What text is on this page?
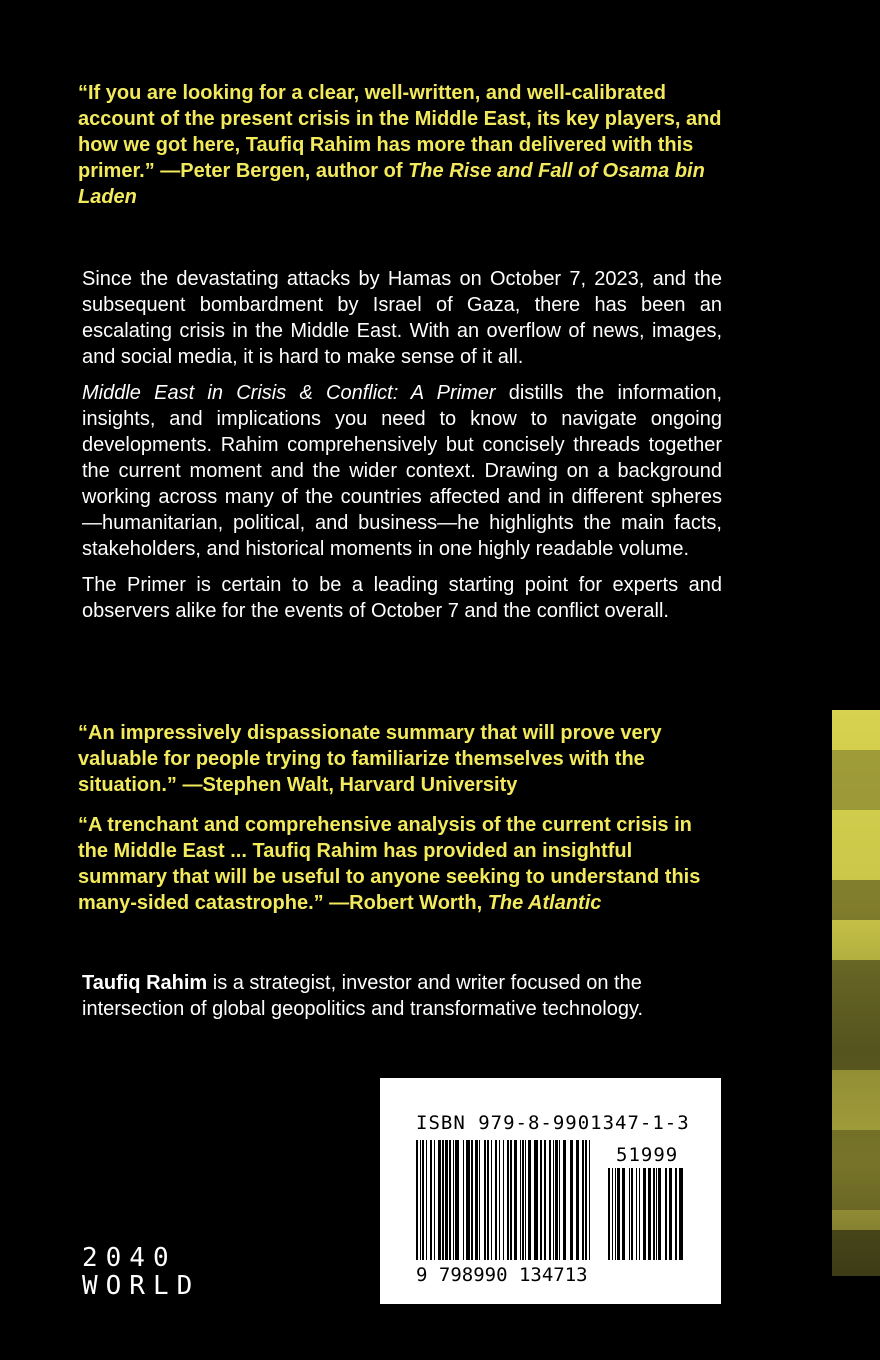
“If you are looking for a clear, well-written, and well-calibrated account of the present crisis in the Middle East, its key players, and how we got here, Taufiq Rahim has more than delivered with this primer.” —Peter Bergen, author of The Rise and Fall of Osama bin Laden

Since the devastating attacks by Hamas on October 7, 2023, and the subsequent bombardment by Israel of Gaza, there has been an escalating crisis in the Middle East. With an overflow of news, images, and social media, it is hard to make sense of it all.

Middle East in Crisis & Conflict: A Primer distills the information, insights, and implications you need to know to navigate ongoing developments. Rahim comprehensively but concisely threads together the current moment and the wider context. Drawing on a background working across many of the countries affected and in different spheres—humanitarian, political, and business—he highlights the main facts, stakeholders, and historical moments in one highly readable volume.

The Primer is certain to be a leading starting point for experts and observers alike for the events of October 7 and the conflict overall.

“An impressively dispassionate summary that will prove very valuable for people trying to familiarize themselves with the situation.” —Stephen Walt, Harvard University

“A trenchant and comprehensive analysis of the current crisis in the Middle East ... Taufiq Rahim has provided an insightful summary that will be useful to anyone seeking to understand this many-sided catastrophe.” —Robert Worth, The Atlantic

Taufiq Rahim is a strategist, investor and writer focused on the intersection of global geopolitics and transformative technology.

2040
WORLD
ISBN 979-8-9901347-1-3
51999
9 798990 134713
